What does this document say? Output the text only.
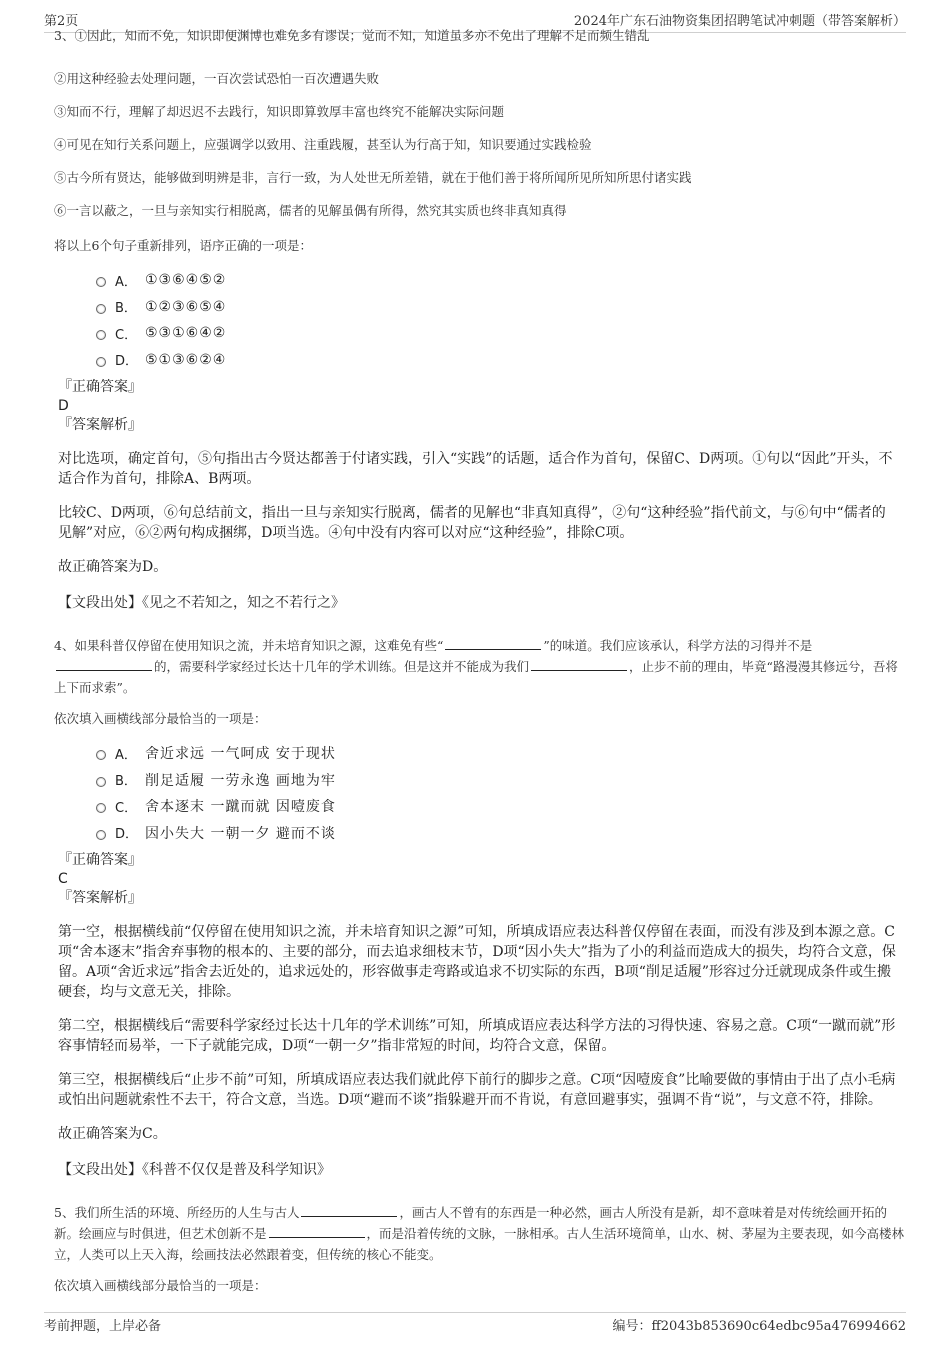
第2页	2024年广东石油物资集团招聘笔试冲刺题（带答案解析）
3、①因此，知而不免，知识即便渊博也难免多有谬误；觉而不知，知道虽多亦不免出了理解不足而频生错乱
②用这种经验去处理问题，一百次尝试恐怕一百次遭遇失败
③知而不行，理解了却迟迟不去践行，知识即算敦厚丰富也终究不能解决实际问题
④可见在知行关系问题上，应强调学以致用、注重践履，甚至认为行高于知，知识要通过实践检验
⑤古今所有贤达，能够做到明辨是非，言行一致，为人处世无所差错，就在于他们善于将所闻所见所知所思付诸实践
⑥一言以蔽之，一旦与亲知实行相脱离，儒者的见解虽偶有所得，然究其实质也终非真知真得
将以上6个句子重新排列，语序正确的一项是：
A． ①③⑥④⑤②
B． ①②③⑥⑤④
C． ⑤③①⑥④②
D． ⑤①③⑥②④
『正确答案』
D
『答案解析』
对比选项，确定首句，⑤句指出古今贤达都善于付诸实践，引入“实践”的话题，适合作为首句，保留C、D两项。①句以“因此”开头，不适合作为首句，排除A、B两项。
比较C、D两项，⑥句总结前文，指出一旦与亲知实行脱离，儒者的见解也“非真知真得”，②句“这种经验”指代前文，与⑥句中“儒者的见解”对应，⑥②两句构成捆绑，D项当选。④句中没有内容可以对应“这种经验”，排除C项。
故正确答案为D。
【文段出处】《见之不若知之，知之不若行之》
4、如果科普仅停留在使用知识之流，并未培育知识之源，这难免有些“	”的味道。我们应该承认，科学方法的习得并不是的，需要科学家经过长达十几年的学术训练。但是这并不能成为我们	，止步不前的理由，毕竟“路漫漫其修远兮，吾将上下而求索”。
依次填入画横线部分最恰当的一项是：
A． 舍近求远 一气呵成 安于现状
B． 削足适履 一劳永逸 画地为牢
C． 舍本逐末 一蹴而就 因噎废食
D． 因小失大 一朝一夕 避而不谈
『正确答案』
C
『答案解析』
第一空，根据横线前“仅停留在使用知识之流，并未培育知识之源”可知，所填成语应表达科普仅停留在表面，而没有涉及到本源之意。C项“舍本逐末”指舍弃事物的根本的、主要的部分，而去追求细枝末节，D项“因小失大”指为了小的利益而造成大的损失，均符合文意，保留。A项“舍近求远”指舍去近处的，追求远处的，形容做事走弯路或追求不切实际的东西，B项“削足适履”形容过分迁就现成条件或生搬硬套，均与文意无关，排除。
第二空，根据横线后“需要科学家经过长达十几年的学术训练”可知，所填成语应表达科学方法的习得快速、容易之意。C项“一蹴而就”形容事情轻而易举，一下子就能完成，D项“一朝一夕”指非常短的时间，均符合文意，保留。
第三空，根据横线后“止步不前”可知，所填成语应表达我们就此停下前行的脚步之意。C项“因噎废食”比喻要做的事情由于出了点小毛病或怕出问题就索性不去干，符合文意，当选。D项“避而不谈”指躲避开而不肯说，有意回避事实，强调不肯“说”，与文意不符，排除。
故正确答案为C。
【文段出处】《科普不仅仅是普及科学知识》
5、我们所生活的环境、所经历的人生与古人	，画古人不曾有的东西是一种必然，画古人所没有是新，却不意味着是对传统绘画开拓的新。绘画应与时俱进，但艺术创新不是	，而是沿着传统的文脉，一脉相承。古人生活环境简单，山水、树、茅屋为主要表现，如今高楼林立，人类可以上天入海，绘画技法必然跟着变，但传统的核心不能变。
依次填入画横线部分最恰当的一项是：
考前押题，上岸必备	编号：ff2043b853690c64edbc95a476994662
